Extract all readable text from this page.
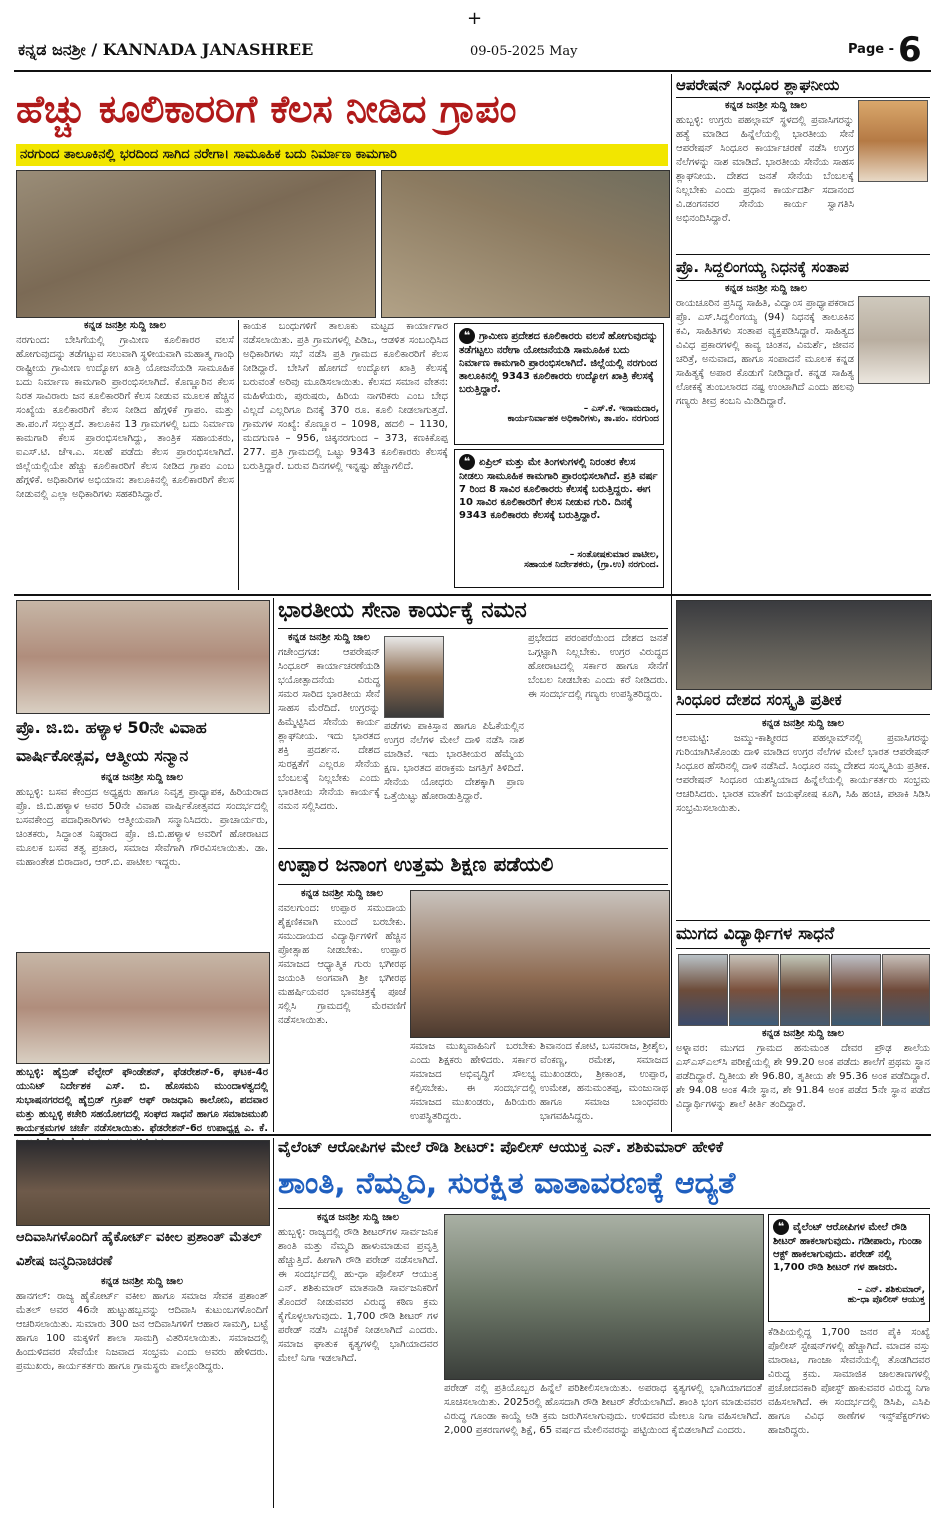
+
ಕನ್ನಡ ಜನಶ್ರೀ / KANNADA JANASHREE	09-05-2025 May	Page - 6
ಹೆಚ್ಚು ಕೂಲಿಕಾರರಿಗೆ ಕೆಲಸ ನೀಡಿದ ಗ್ರಾಪಂ
ನರಗುಂದ ತಾಲೂಕಿನಲ್ಲಿ ಭರದಿಂದ ಸಾಗಿದ ನರೇಗಾ। ಸಾಮೂಹಿಕ ಬದು ನಿರ್ಮಾಣ ಕಾಮಗಾರಿ
ಕನ್ನಡ ಜನಶ್ರೀ ಸುದ್ದಿ ಜಾಲ
ನರಗುಂದ: ಬೇಸಿಗೆಯಲ್ಲಿ ಗ್ರಾಮೀಣ ಕೂಲಿಕಾರರ ವಲಸೆ ಹೋಗುವುದನ್ನು ತಡೆಗಟ್ಟುವ ಸಲುವಾಗಿ ಸ್ಥಳೀಯವಾಗಿ ಮಹಾತ್ಮ ಗಾಂಧಿ ರಾಷ್ಟ್ರೀಯ ಗ್ರಾಮೀಣ ಉದ್ಯೋಗ ಖಾತ್ರಿ ಯೋಜನೆಯಡಿ ಸಾಮೂಹಿಕ ಬದು ನಿರ್ಮಾಣ ಕಾಮಗಾರಿ ಪ್ರಾರಂಭಿಸಲಾಗಿದೆ. ಕೊಣ್ಣೂರಿನ ಕೆಲಸ ನಿರತ ಸಾವಿರಾರು ಜನ ಕೂಲಿಕಾರರಿಗೆ ಕೆಲಸ ನೀಡುವ ಮೂಲಕ ಹೆಚ್ಚಿನ ಸಂಖ್ಯೆಯ ಕೂಲಿಕಾರರಿಗೆ ಕೆಲಸ ನೀಡಿದ ಹೆಗ್ಗಳಿಕೆ ಗ್ರಾಪಂ. ಮತ್ತು ತಾ.ಪಂ.ಗೆ ಸಲ್ಲುತ್ತದೆ. ತಾಲೂಕಿನ 13 ಗ್ರಾಮಗಳಲ್ಲಿ ಬದು ನಿರ್ಮಾಣ ಕಾಮಗಾರಿ ಕೆಲಸ ಪ್ರಾರಂಭಿಸಲಾಗಿದ್ದು, ತಾಂತ್ರಿಕ ಸಹಾಯಕರು, ಐಎಸ್.ಟಿ. ಜೆಇ.ಎ. ಸಲಹೆ ಪಡೆದು ಕೆಲಸ ಪ್ರಾರಂಭಿಸಲಾಗಿದೆ. ಜಿಲ್ಲೆಯಲ್ಲಿಯೇ ಹೆಚ್ಚು ಕೂಲಿಕಾರರಿಗೆ ಕೆಲಸ ನೀಡಿದ ಗ್ರಾಪಂ ಎಂಬ ಹೆಗ್ಗಳಿಕೆ. ಅಧಿಕಾರಿಗಳ ಅಭಿಯಾನ: ತಾಲೂಕಿನಲ್ಲಿ ಕೂಲಿಕಾರರಿಗೆ ಕೆಲಸ ನೀಡುವಲ್ಲಿ ಎಲ್ಲಾ ಅಧಿಕಾರಿಗಳು ಸಹಕರಿಸಿದ್ದಾರೆ.
ಕಾಯಕ ಬಂಧುಗಳಿಗೆ ತಾಲೂಕು ಮಟ್ಟದ ಕಾರ್ಯಾಗಾರ ನಡೆಸಲಾಯಿತು. ಪ್ರತಿ ಗ್ರಾಮಗಳಲ್ಲಿ ಪಿಡಿಒ, ಆಡಳಿತ ಸಂಬಂಧಿಸಿದ ಅಧಿಕಾರಿಗಳು ಸಭೆ ನಡೆಸಿ ಪ್ರತಿ ಗ್ರಾಮದ ಕೂಲಿಕಾರರಿಗೆ ಕೆಲಸ ನೀಡಿದ್ದಾರೆ. ಬೇಸಿಗೆ ಹೋಗದೆ ಉದ್ಯೋಗ ಖಾತ್ರಿ ಕೆಲಸಕ್ಕೆ ಬರುವಂತೆ ಅರಿವು ಮೂಡಿಸಲಾಯಿತು. ಕೆಲಸದ ಸಮಾನ ವೇತನ: ಮಹಿಳೆಯರು, ಪುರುಷರು, ಹಿರಿಯ ನಾಗರಿಕರು ಎಂಬ ಬೇಧ ವಿಲ್ಲದೆ ಎಲ್ಲರಿಗೂ ದಿನಕ್ಕೆ 370 ರೂ. ಕೂಲಿ ನೀಡಲಾಗುತ್ತದೆ. ಗ್ರಾಮಗಳ ಸಂಖ್ಯೆ: ಕೊಣ್ಣೂರ – 1098, ಹದಲಿ – 1130, ಮದಗುಣಕಿ – 956, ಚಿಕ್ಕನರಗುಂದ – 373, ಕಣಕಿಕೊಪ್ಪ 277. ಪ್ರತಿ ಗ್ರಾಮದಲ್ಲಿ ಒಟ್ಟು 9343 ಕೂಲಿಕಾರರು ಕೆಲಸಕ್ಕೆ ಬರುತ್ತಿದ್ದಾರೆ. ಬರುವ ದಿನಗಳಲ್ಲಿ ಇನ್ನಷ್ಟು ಹೆಚ್ಚಾಗಲಿದೆ.
❝ ಗ್ರಾಮೀಣ ಪ್ರದೇಶದ ಕೂಲಿಕಾರರು ವಲಸೆ ಹೋಗುವುದನ್ನು ತಡೆಗಟ್ಟಲು ನರೇಗಾ ಯೋಜನೆಯಡಿ ಸಾಮೂಹಿಕ ಬದು ನಿರ್ಮಾಣ ಕಾಮಗಾರಿ ಪ್ರಾರಂಭಿಸಲಾಗಿದೆ. ಜಿಲ್ಲೆಯಲ್ಲಿ ನರಗುಂದ ತಾಲೂಕಿನಲ್ಲಿ 9343 ಕೂಲಿಕಾರರು ಉದ್ಯೋಗ ಖಾತ್ರಿ ಕೆಲಸಕ್ಕೆ ಬರುತ್ತಿದ್ದಾರೆ.
– ಎಸ್.ಕೆ. ಇನಾಮದಾರ,
ಕಾರ್ಯನಿರ್ವಾಹಕ ಅಧಿಕಾರಿಗಳು, ತಾ.ಪಂ. ನರಗುಂದ
❝ ಏಪ್ರಿಲ್ ಮತ್ತು ಮೇ ತಿಂಗಳುಗಳಲ್ಲಿ ನಿರಂತರ ಕೆಲಸ ನೀಡಲು ಸಾಮೂಹಿಕ ಕಾಮಗಾರಿ ಪ್ರಾರಂಭಿಸಲಾಗಿದೆ. ಪ್ರತಿ ವರ್ಷ 7 ರಿಂದ 8 ಸಾವಿರ ಕೂಲಿಕಾರರು ಕೆಲಸಕ್ಕೆ ಬರುತ್ತಿದ್ದರು. ಈಗ 10 ಸಾವಿರ ಕೂಲಿಕಾರರಿಗೆ ಕೆಲಸ ನೀಡುವ ಗುರಿ. ದಿನಕ್ಕೆ 9343 ಕೂಲಿಕಾರರು ಕೆಲಸಕ್ಕೆ ಬರುತ್ತಿದ್ದಾರೆ.
– ಸಂತೋಷಕುಮಾರ ಪಾಟೀಲ,
ಸಹಾಯಕ ನಿರ್ದೇಶಕರು, (ಗ್ರಾ.ಉ) ನರಗುಂದ.
ಆಪರೇಷನ್ ಸಿಂಧೂರ ಶ್ಲಾಘನೀಯ
ಕನ್ನಡ ಜನಶ್ರೀ ಸುದ್ದಿ ಜಾಲ
ಹುಬ್ಬಳ್ಳಿ: ಉಗ್ರರು ಪಹಲ್ಗಾಮ್ ಸ್ಥಳದಲ್ಲಿ ಪ್ರವಾಸಿಗರನ್ನು ಹತ್ಯೆ ಮಾಡಿದ ಹಿನ್ನೆಲೆಯಲ್ಲಿ ಭಾರತೀಯ ಸೇನೆ ಆಪರೇಷನ್ ಸಿಂಧೂರ ಕಾರ್ಯಾಚರಣೆ ನಡೆಸಿ ಉಗ್ರರ ನೆಲೆಗಳನ್ನು ನಾಶ ಮಾಡಿದೆ. ಭಾರತೀಯ ಸೇನೆಯ ಸಾಹಸ ಶ್ಲಾಘನೀಯ. ದೇಶದ ಜನತೆ ಸೇನೆಯ ಬೆಂಬಲಕ್ಕೆ ನಿಲ್ಲಬೇಕು ಎಂದು ಪ್ರಧಾನ ಕಾರ್ಯದರ್ಶಿ ಸದಾನಂದ ವಿ.ಡಂಗನವರ ಸೇನೆಯ ಕಾರ್ಯ ಸ್ವಾಗತಿಸಿ ಅಭಿನಂದಿಸಿದ್ದಾರೆ.
ಪ್ರೊ. ಸಿದ್ದಲಿಂಗಯ್ಯ ನಿಧನಕ್ಕೆ ಸಂತಾಪ
ಕನ್ನಡ ಜನಶ್ರೀ ಸುದ್ದಿ ಜಾಲ
ರಾಯಚೂರಿನ ಪ್ರಸಿದ್ಧ ಸಾಹಿತಿ, ವಿದ್ವಾಂಸ ಪ್ರಾಧ್ಯಾಪಕರಾದ ಪ್ರೊ. ಎಸ್.ಸಿದ್ದಲಿಂಗಯ್ಯ (94) ನಿಧನಕ್ಕೆ ತಾಲೂಕಿನ ಕವಿ, ಸಾಹಿತಿಗಳು ಸಂತಾಪ ವ್ಯಕ್ತಪಡಿಸಿದ್ದಾರೆ. ಸಾಹಿತ್ಯದ ವಿವಿಧ ಪ್ರಕಾರಗಳಲ್ಲಿ ಕಾವ್ಯ ಚಿಂತನ, ವಿಮರ್ಶೆ, ಜೀವನ ಚರಿತ್ರೆ, ಅನುವಾದ, ಹಾಗೂ ಸಂಪಾದನೆ ಮೂಲಕ ಕನ್ನಡ ಸಾಹಿತ್ಯಕ್ಕೆ ಅಪಾರ ಕೊಡುಗೆ ನೀಡಿದ್ದಾರೆ. ಕನ್ನಡ ಸಾಹಿತ್ಯ ಲೋಕಕ್ಕೆ ತುಂಬಲಾರದ ನಷ್ಟ ಉಂಟಾಗಿದೆ ಎಂದು ಹಲವು ಗಣ್ಯರು ತೀವ್ರ ಕಂಬನಿ ಮಿಡಿದಿದ್ದಾರೆ.
ಪ್ರೊ. ಜಿ.ಬಿ. ಹಳ್ಯಾಳ 50ನೇ ವಿವಾಹ ವಾರ್ಷಿಕೋತ್ಸವ, ಆತ್ಮೀಯ ಸನ್ಮಾನ
ಕನ್ನಡ ಜನಶ್ರೀ ಸುದ್ದಿ ಜಾಲ
ಹುಬ್ಬಳ್ಳಿ: ಬಸವ ಕೇಂದ್ರದ ಅಧ್ಯಕ್ಷರು ಹಾಗೂ ನಿವೃತ್ತ ಪ್ರಾಧ್ಯಾಪಕ, ಹಿರಿಯರಾದ ಪ್ರೊ. ಜಿ.ಬಿ.ಹಳ್ಯಾಳ ಅವರ 50ನೇ ವಿವಾಹ ವಾರ್ಷಿಕೋತ್ಸವದ ಸಂದರ್ಭದಲ್ಲಿ ಬಸವಕೇಂದ್ರ ಪದಾಧಿಕಾರಿಗಳು ಆತ್ಮೀಯವಾಗಿ ಸನ್ಮಾನಿಸಿದರು. ಪ್ರಾಚಾರ್ಯರು, ಚಿಂತಕರು, ಸಿದ್ಧಾಂತ ನಿಷ್ಠರಾದ ಪ್ರೊ. ಜಿ.ಬಿ.ಹಳ್ಯಾಳ ಅವರಿಗೆ ಹೋರಾಟದ ಮೂಲಕ ಬಸವ ತತ್ವ ಪ್ರಚಾರ, ಸಮಾಜ ಸೇವೆಗಾಗಿ ಗೌರವಿಸಲಾಯಿತು. ಡಾ. ಮಹಾಂತೇಶ ಬಿರಾದಾರ, ಆರ್.ಬಿ. ಪಾಟೀಲ ಇದ್ದರು.
ಹುಬ್ಬಳ್ಳಿ: ಹೈಬ್ರಿಡ್ ವೆಲ್ಫೇರ್ ಫೌಂಡೇಶನ್, ಫೆಡರೇಶನ್-6, ಘಟಕ-4ರ ಯುನಿಟ್ ನಿರ್ದೇಶಕ ಎಸ್. ಬಿ. ಹೊಸಮನಿ ಮುಂದಾಳತ್ವದಲ್ಲಿ ಸುಭಾಷನಗರದಲ್ಲಿ ಹೈಬ್ರಿಡ್ ಗ್ರೂಪ್ ಆಫ್ ರಾಜಧಾನಿ ಕಾಲೋನಿ, ಪದವಾರ ಮತ್ತು ಹುಬ್ಬಳ್ಳಿ ಕಚೇರಿ ಸಹಯೋಗದಲ್ಲಿ ಸಂಘದ ಸಾಧನೆ ಹಾಗೂ ಸಮಾಜಮುಖಿ ಕಾರ್ಯಕ್ರಮಗಳ ಚರ್ಚೆ ನಡೆಸಲಾಯಿತು. ಫೆಡರೇಶನ್-6ರ ಉಪಾಧ್ಯಕ್ಷ ಎ. ಕೆ.
ಭಾರತೀಯ ಸೇನಾ ಕಾರ್ಯಕ್ಕೆ ನಮನ
ಕನ್ನಡ ಜನಶ್ರೀ ಸುದ್ದಿ ಜಾಲ
ಗಜೇಂದ್ರಗಡ: ಆಪರೇಷನ್ ಸಿಂಧೂರ್ ಕಾರ್ಯಾಚರಣೆಯಡಿ ಭಯೋತ್ಪಾದನೆಯ ವಿರುದ್ಧ ಸಮರ ಸಾರಿದ ಭಾರತೀಯ ಸೇನೆ ಸಾಹಸ ಮೆರೆದಿದೆ. ಉಗ್ರರನ್ನು ಹಿಮ್ಮೆಟ್ಟಿಸಿದ ಸೇನೆಯ ಕಾರ್ಯ ಶ್ಲಾಘನೀಯ. ಇದು ಭಾರತದ ಶಕ್ತಿ ಪ್ರದರ್ಶನ. ದೇಶದ ಸುರಕ್ಷತೆಗೆ ಎಲ್ಲರೂ ಸೇನೆಯ ಬೆಂಬಲಕ್ಕೆ ನಿಲ್ಲಬೇಕು ಎಂದು ಭಾರತೀಯ ಸೇನೆಯ ಕಾರ್ಯಕ್ಕೆ ನಮನ ಸಲ್ಲಿಸಿದರು.
ಪಡೆಗಳು ಪಾಕಿಸ್ತಾನ ಹಾಗೂ ಪಿಓಕೆಯಲ್ಲಿನ ಉಗ್ರರ ನೆಲೆಗಳ ಮೇಲೆ ದಾಳಿ ನಡೆಸಿ ನಾಶ ಮಾಡಿವೆ. ಇದು ಭಾರತೀಯರ ಹೆಮ್ಮೆಯ ಕ್ಷಣ. ಭಾರತದ ಪರಾಕ್ರಮ ಜಗತ್ತಿಗೆ ತಿಳಿದಿದೆ. ಸೇನೆಯ ಯೋಧರು ದೇಶಕ್ಕಾಗಿ ಪ್ರಾಣ ಒತ್ತೆಯಿಟ್ಟು ಹೋರಾಡುತ್ತಿದ್ದಾರೆ.
ಪ್ರಭೇದದ ಪರಂಪರೆಯಿಂದ ದೇಶದ ಜನತೆ ಒಗ್ಗಟ್ಟಾಗಿ ನಿಲ್ಲಬೇಕು. ಉಗ್ರರ ವಿರುದ್ಧದ ಹೋರಾಟದಲ್ಲಿ ಸರ್ಕಾರ ಹಾಗೂ ಸೇನೆಗೆ ಬೆಂಬಲ ನೀಡಬೇಕು ಎಂದು ಕರೆ ನೀಡಿದರು. ಈ ಸಂದರ್ಭದಲ್ಲಿ ಗಣ್ಯರು ಉಪಸ್ಥಿತರಿದ್ದರು.
ಉಪ್ಪಾರ ಜನಾಂಗ ಉತ್ತಮ ಶಿಕ್ಷಣ ಪಡೆಯಲಿ
ಕನ್ನಡ ಜನಶ್ರೀ ಸುದ್ದಿ ಜಾಲ
ನವಲಗುಂದ: ಉಪ್ಪಾರ ಸಮುದಾಯ ಶೈಕ್ಷಣಿಕವಾಗಿ ಮುಂದೆ ಬರಬೇಕು. ಸಮುದಾಯದ ವಿದ್ಯಾರ್ಥಿಗಳಿಗೆ ಹೆಚ್ಚಿನ ಪ್ರೋತ್ಸಾಹ ನೀಡಬೇಕು. ಉಪ್ಪಾರ ಸಮಾಜದ ಆಧ್ಯಾತ್ಮಿಕ ಗುರು ಭಗೀರಥ ಜಯಂತಿ ಅಂಗವಾಗಿ ಶ್ರೀ ಭಗೀರಥ ಮಹರ್ಷಿಯವರ ಭಾವಚಿತ್ರಕ್ಕೆ ಪೂಜೆ ಸಲ್ಲಿಸಿ ಗ್ರಾಮದಲ್ಲಿ ಮೆರವಣಿಗೆ ನಡೆಸಲಾಯಿತು.
ಸಮಾಜ ಮುಖ್ಯವಾಹಿನಿಗೆ ಬರಬೇಕು ಎಂದು ಶಿಕ್ಷಕರು ಹೇಳಿದರು. ಸರ್ಕಾರ ಸಮಾಜದ ಅಭಿವೃದ್ಧಿಗೆ ಸೌಲಭ್ಯ ಕಲ್ಪಿಸಬೇಕು. ಈ ಸಂದರ್ಭದಲ್ಲಿ ಸಮಾಜದ ಮುಖಂಡರು, ಹಿರಿಯರು ಉಪಸ್ಥಿತರಿದ್ದರು.
ಶಿವಾನಂದ ಕೋಟಿ, ಬಸವರಾಜ, ಶ್ರೀಶೈಲ, ವೆಂಕಣ್ಣ, ರಮೇಶ, ಸಮಾಜದ ಮುಖಂಡರು, ಶ್ರೀಕಾಂತ, ಉಪ್ಪಾರ, ಉಮೇಶ, ಹನುಮಂತಪ್ಪ, ಮಂಜುನಾಥ ಹಾಗೂ ಸಮಾಜ ಬಾಂಧವರು ಭಾಗವಹಿಸಿದ್ದರು.
ಸಿಂಧೂರ ದೇಶದ ಸಂಸ್ಕೃತಿ ಪ್ರತೀಕ
ಕನ್ನಡ ಜನಶ್ರೀ ಸುದ್ದಿ ಜಾಲ
ಆಲಮಟ್ಟಿ: ಜಮ್ಮು-ಕಾಶ್ಮೀರದ ಪಹಲ್ಗಾಮ್‌ನಲ್ಲಿ ಪ್ರವಾಸಿಗರನ್ನು ಗುರಿಯಾಗಿಸಿಕೊಂಡು ದಾಳಿ ಮಾಡಿದ ಉಗ್ರರ ನೆಲೆಗಳ ಮೇಲೆ ಭಾರತ ಆಪರೇಷನ್ ಸಿಂಧೂರ ಹೆಸರಿನಲ್ಲಿ ದಾಳಿ ನಡೆಸಿದೆ. ಸಿಂಧೂರ ನಮ್ಮ ದೇಶದ ಸಂಸ್ಕೃತಿಯ ಪ್ರತೀಕ. ಆಪರೇಷನ್ ಸಿಂಧೂರ ಯಶಸ್ವಿಯಾದ ಹಿನ್ನೆಲೆಯಲ್ಲಿ ಕಾರ್ಯಕರ್ತರು ಸಂಭ್ರಮ ಆಚರಿಸಿದರು. ಭಾರತ ಮಾತೆಗೆ ಜಯಘೋಷ ಕೂಗಿ, ಸಿಹಿ ಹಂಚಿ, ಪಟಾಕಿ ಸಿಡಿಸಿ ಸಂಭ್ರಮಿಸಲಾಯಿತು.
ಮುಗದ ವಿದ್ಯಾರ್ಥಿಗಳ ಸಾಧನೆ
ಕನ್ನಡ ಜನಶ್ರೀ ಸುದ್ದಿ ಜಾಲ
ಅಳ್ನಾವರ: ಮುಗದ ಗ್ರಾಮದ ಹನುಮಂತ ದೇವರ ಪ್ರೌಢ ಶಾಲೆಯ ಎಸ್‌ಎಸ್‌ಎಲ್‌ಸಿ ಪರೀಕ್ಷೆಯಲ್ಲಿ ಶೇ 99.20 ಅಂಕ ಪಡೆದು ಶಾಲೆಗೆ ಪ್ರಥಮ ಸ್ಥಾನ ಪಡೆದಿದ್ದಾರೆ. ದ್ವಿತೀಯ ಶೇ 96.80, ತೃತೀಯ ಶೇ 95.36 ಅಂಕ ಪಡೆದಿದ್ದಾರೆ. ಶೇ 94.08 ಅಂಕ 4ನೇ ಸ್ಥಾನ, ಶೇ 91.84 ಅಂಕ ಪಡೆದ 5ನೇ ಸ್ಥಾನ ಪಡೆದ ವಿದ್ಯಾರ್ಥಿಗಳನ್ನು ಶಾಲೆ ಕೀರ್ತಿ ತಂದಿದ್ದಾರೆ.
ಆದಿವಾಸಿಗಳೊಂದಿಗೆ ಹೈಕೋರ್ಟ್ ವಕೀಲ ಪ್ರಶಾಂತ್ ಮೆತಲ್ ವಿಶೇಷ ಜನ್ಮದಿನಾಚರಣೆ
ಕನ್ನಡ ಜನಶ್ರೀ ಸುದ್ದಿ ಜಾಲ
ಹಾನಗಲ್: ರಾಜ್ಯ ಹೈಕೋರ್ಟ್ ವಕೀಲ ಹಾಗೂ ಸಮಾಜ ಸೇವಕ ಪ್ರಶಾಂತ್ ಮೆತಲ್ ಅವರ 46ನೇ ಹುಟ್ಟುಹಬ್ಬವನ್ನು ಆದಿವಾಸಿ ಕುಟುಂಬಗಳೊಂದಿಗೆ ಆಚರಿಸಲಾಯಿತು. ಸುಮಾರು 300 ಜನ ಆದಿವಾಸಿಗಳಿಗೆ ಆಹಾರ ಸಾಮಗ್ರಿ, ಬಟ್ಟೆ ಹಾಗೂ 100 ಮಕ್ಕಳಿಗೆ ಶಾಲಾ ಸಾಮಗ್ರಿ ವಿತರಿಸಲಾಯಿತು. ಸಮಾಜದಲ್ಲಿ ಹಿಂದುಳಿದವರ ಸೇವೆಯೇ ನಿಜವಾದ ಸಂಭ್ರಮ ಎಂದು ಅವರು ಹೇಳಿದರು. ಪ್ರಮುಖರು, ಕಾರ್ಯಕರ್ತರು ಹಾಗೂ ಗ್ರಾಮಸ್ಥರು ಪಾಲ್ಗೊಂಡಿದ್ದರು.
ವೈಲೆಂಟ್ ಆರೋಪಿಗಳ ಮೇಲೆ ರೌಡಿ ಶೀಟರ್: ಪೊಲೀಸ್ ಆಯುಕ್ತ ಎನ್. ಶಶಿಕುಮಾರ್ ಹೇಳಿಕೆ
ಶಾಂತಿ, ನೆಮ್ಮದಿ, ಸುರಕ್ಷಿತ ವಾತಾವರಣಕ್ಕೆ ಆದ್ಯತೆ
ಕನ್ನಡ ಜನಶ್ರೀ ಸುದ್ದಿ ಜಾಲ
ಹುಬ್ಬಳ್ಳಿ: ರಾಜ್ಯದಲ್ಲಿ ರೌಡಿ ಶೀಟರ್‌ಗಳ ಸಾರ್ವಜನಿಕ ಶಾಂತಿ ಮತ್ತು ನೆಮ್ಮದಿ ಹಾಳುಮಾಡುವ ಪ್ರವೃತ್ತಿ ಹೆಚ್ಚುತ್ತಿದೆ. ಹೀಗಾಗಿ ರೌಡಿ ಪರೇಡ್ ನಡೆಸಲಾಗಿದೆ. ಈ ಸಂದರ್ಭದಲ್ಲಿ ಹು-ಧಾ ಪೊಲೀಸ್ ಆಯುಕ್ತ ಎನ್. ಶಶಿಕುಮಾರ್ ಮಾತನಾಡಿ ಸಾರ್ವಜನಿಕರಿಗೆ ತೊಂದರೆ ನೀಡುವವರ ವಿರುದ್ಧ ಕಠಿಣ ಕ್ರಮ ಕೈಗೊಳ್ಳಲಾಗುವುದು. 1,700 ರೌಡಿ ಶೀಟರ್ ಗಳ ಪರೇಡ್ ನಡೆಸಿ ಎಚ್ಚರಿಕೆ ನೀಡಲಾಗಿದೆ ಎಂದರು. ಸಮಾಜ ಘಾತುಕ ಕೃತ್ಯಗಳಲ್ಲಿ ಭಾಗಿಯಾದವರ ಮೇಲೆ ನಿಗಾ ಇಡಲಾಗಿದೆ.
ಪರೇಡ್ ನಲ್ಲಿ ಪ್ರತಿಯೊಬ್ಬರ ಹಿನ್ನೆಲೆ ಪರಿಶೀಲಿಸಲಾಯಿತು. ಅಪರಾಧ ಕೃತ್ಯಗಳಲ್ಲಿ ಭಾಗಿಯಾಗದಂತೆ ಸೂಚಿಸಲಾಯಿತು. 2025ರಲ್ಲಿ ಹೊಸದಾಗಿ ರೌಡಿ ಶೀಟರ್ ತೆರೆಯಲಾಗಿದೆ. ಶಾಂತಿ ಭಂಗ ಮಾಡುವವರ ವಿರುದ್ಧ ಗೂಂಡಾ ಕಾಯ್ದೆ ಅಡಿ ಕ್ರಮ ಜರುಗಿಸಲಾಗುವುದು. ಉಳಿದವರ ಮೇಲೂ ನಿಗಾ ವಹಿಸಲಾಗಿದೆ. 2,000 ಪ್ರಕರಣಗಳಲ್ಲಿ ಶಿಕ್ಷೆ, 65 ವರ್ಷದ ಮೇಲಿನವರನ್ನು ಪಟ್ಟಿಯಿಂದ ಕೈಬಿಡಲಾಗಿದೆ ಎಂದರು.
❝ ವೈಲೆಂಟ್ ಆರೋಪಿಗಳ ಮೇಲೆ ರೌಡಿ ಶೀಟರ್ ಹಾಕಲಾಗುವುದು. ಗಡೀಪಾರು, ಗುಂಡಾ ಆಕ್ಟ್ ಹಾಕಲಾಗುವುದು. ಪರೇಡ್ ನಲ್ಲಿ 1,700 ರೌಡಿ ಶೀಟರ್ ಗಳ ಹಾಜರು.
– ಎನ್. ಶಶಿಕುಮಾರ್,
ಹು-ಧಾ ಪೊಲೀಸ್ ಆಯುಕ್ತ
ಕೆಡಿಪಿಯಲ್ಲಿದ್ದ 1,700 ಜನರ ಪೈಕಿ ಸಂಖ್ಯೆ ಪೊಲೀಸ್ ಸ್ಟೇಷನ್‌ಗಳಲ್ಲಿ ಹೆಚ್ಚಾಗಿದೆ. ಮಾದಕ ವಸ್ತು ಮಾರಾಟ, ಗಾಂಜಾ ಸೇವನೆಯಲ್ಲಿ ತೊಡಗಿದವರ ವಿರುದ್ಧ ಕ್ರಮ. ಸಾಮಾಜಿಕ ಜಾಲತಾಣಗಳಲ್ಲಿ ಪ್ರಚೋದನಕಾರಿ ಪೋಸ್ಟ್ ಹಾಕುವವರ ವಿರುದ್ಧ ನಿಗಾ ವಹಿಸಲಾಗಿದೆ. ಈ ಸಂದರ್ಭದಲ್ಲಿ ಡಿಸಿಪಿ, ಎಸಿಪಿ ಹಾಗೂ ವಿವಿಧ ಠಾಣೆಗಳ ಇನ್ಸ್‌ಪೆಕ್ಟರ್‌ಗಳು ಹಾಜರಿದ್ದರು.
